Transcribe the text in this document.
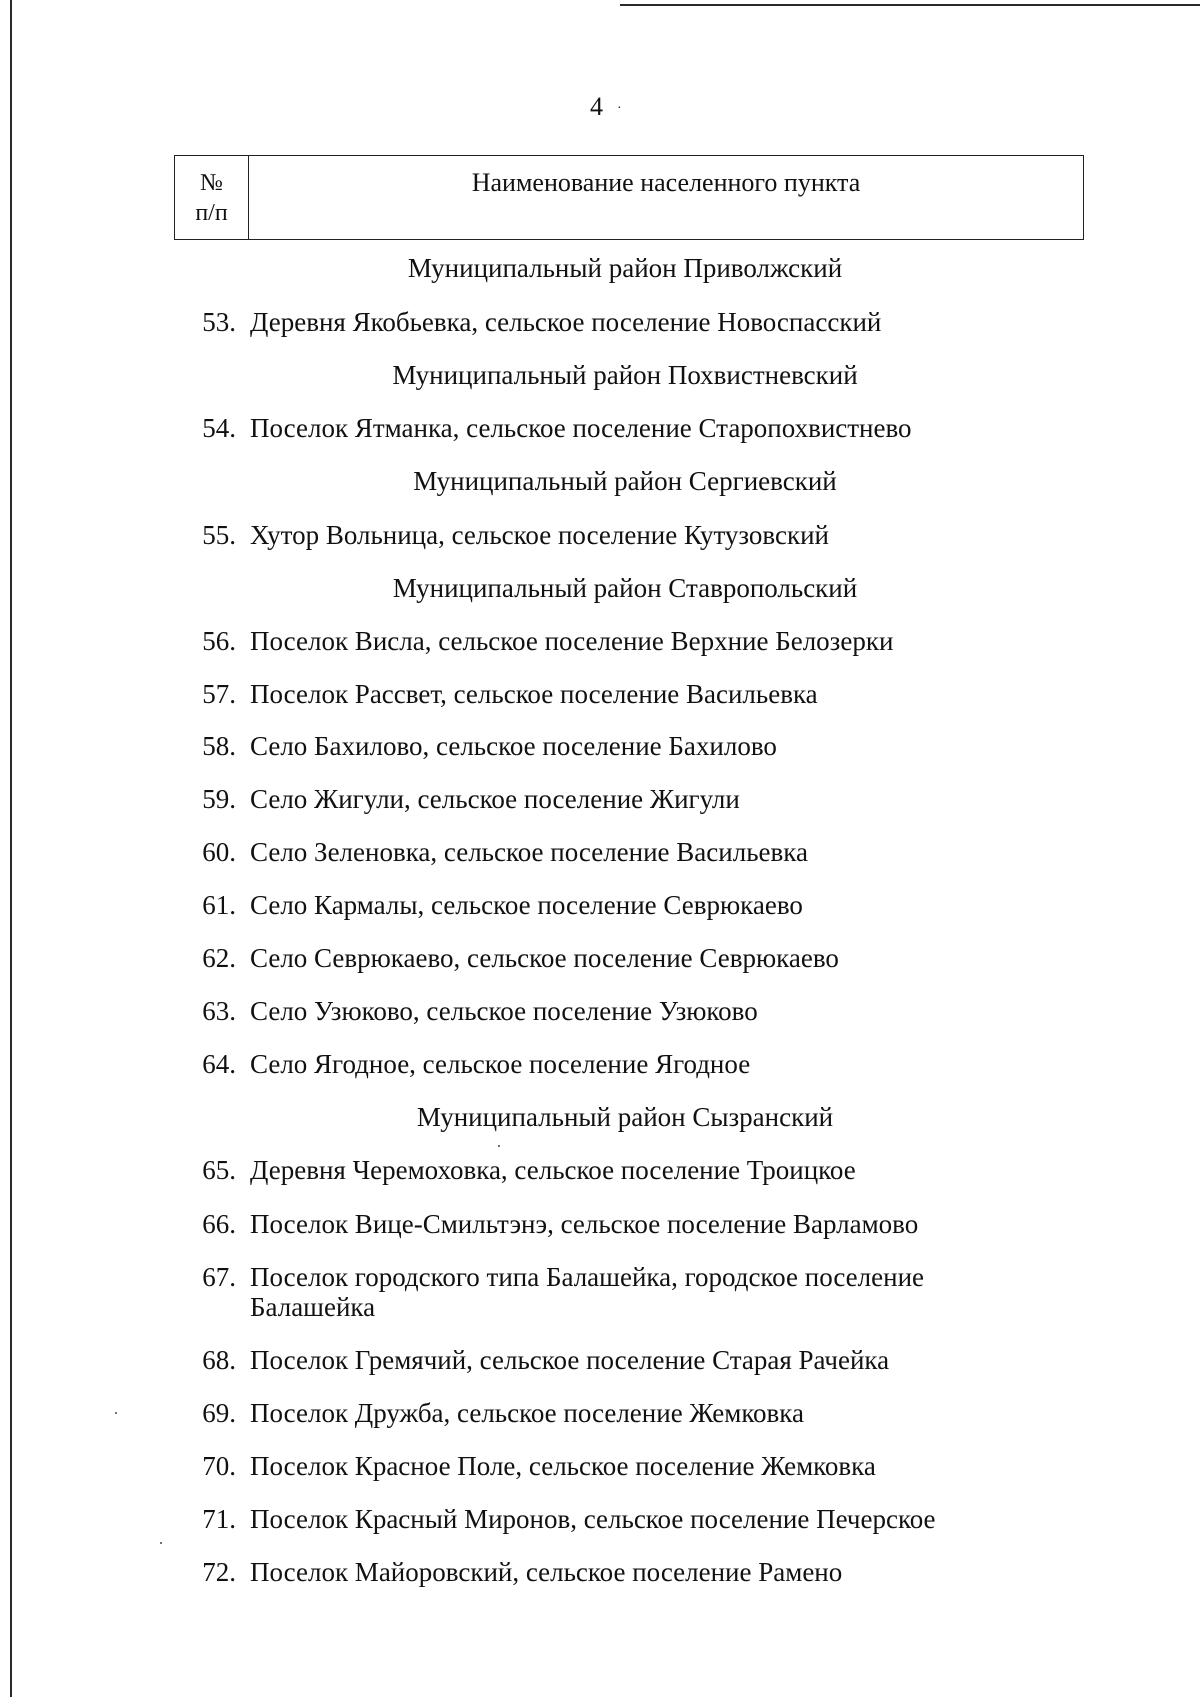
4 ·
№
п/п
Наименование населенного пункта
Муниципальный район Приволжский
53. Деревня Якобьевка, сельское поселение Новоспасский
Муниципальный район Похвистневский
54. Поселок Ятманка, сельское поселение Старопохвистнево
Муниципальный район Сергиевский
55. Хутор Вольница, сельское поселение Кутузовский
Муниципальный район Ставропольский
56. Поселок Висла, сельское поселение Верхние Белозерки
57. Поселок Рассвет, сельское поселение Васильевка
58. Село Бахилово, сельское поселение Бахилово
59. Село Жигули, сельское поселение Жигули
60. Село Зеленовка, сельское поселение Васильевка
61. Село Кармалы, сельское поселение Севрюкаево
62. Село Севрюкаево, сельское поселение Севрюкаево
63. Село Узюково, сельское поселение Узюково
64. Село Ягодное, сельское поселение Ягодное
Муниципальный район Сызранский
65. Деревня Черемоховка, сельское поселение Троицкое
66. Поселок Вице-Смильтэнэ, сельское поселение Варламово
67. Поселок городского типа Балашейка, городское поселение Балашейка
68. Поселок Гремячий, сельское поселение Старая Рачейка
69. Поселок Дружба, сельское поселение Жемковка
70. Поселок Красное Поле, сельское поселение Жемковка
71. Поселок Красный Миронов, сельское поселение Печерское
72. Поселок Майоровский, сельское поселение Рамено
